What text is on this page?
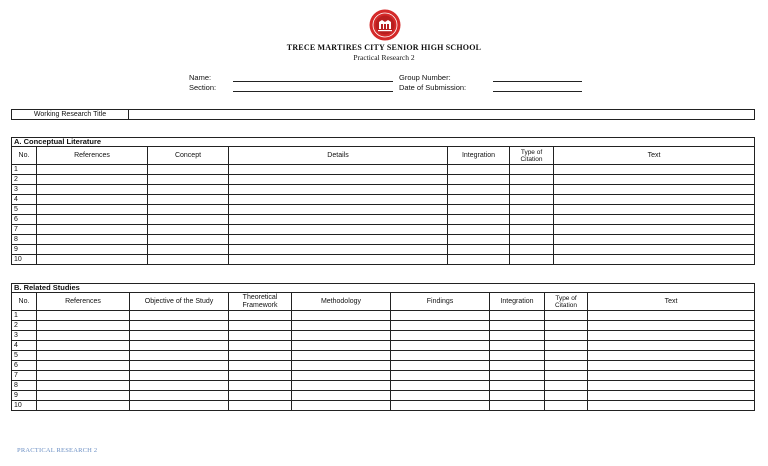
TRECE MARTIRES CITY SENIOR HIGH SCHOOL
Practical Research 2
Name:
Section:
Group Number:
Date of Submission:
Working Research Title	
A. Conceptual Literature						
No.	References	Concept	Details	Integration	Type of Citation	Text
1						
2						
3						
4						
5						
6						
7						
8						
9						
10						
B. Related Studies								
No.	References	Objective of the Study	Theoretical Framework	Methodology	Findings	Integration	Type of Citation	Text
1								
2								
3								
4								
5								
6								
7								
8								
9								
10								
PRACTICAL RESEARCH 2
